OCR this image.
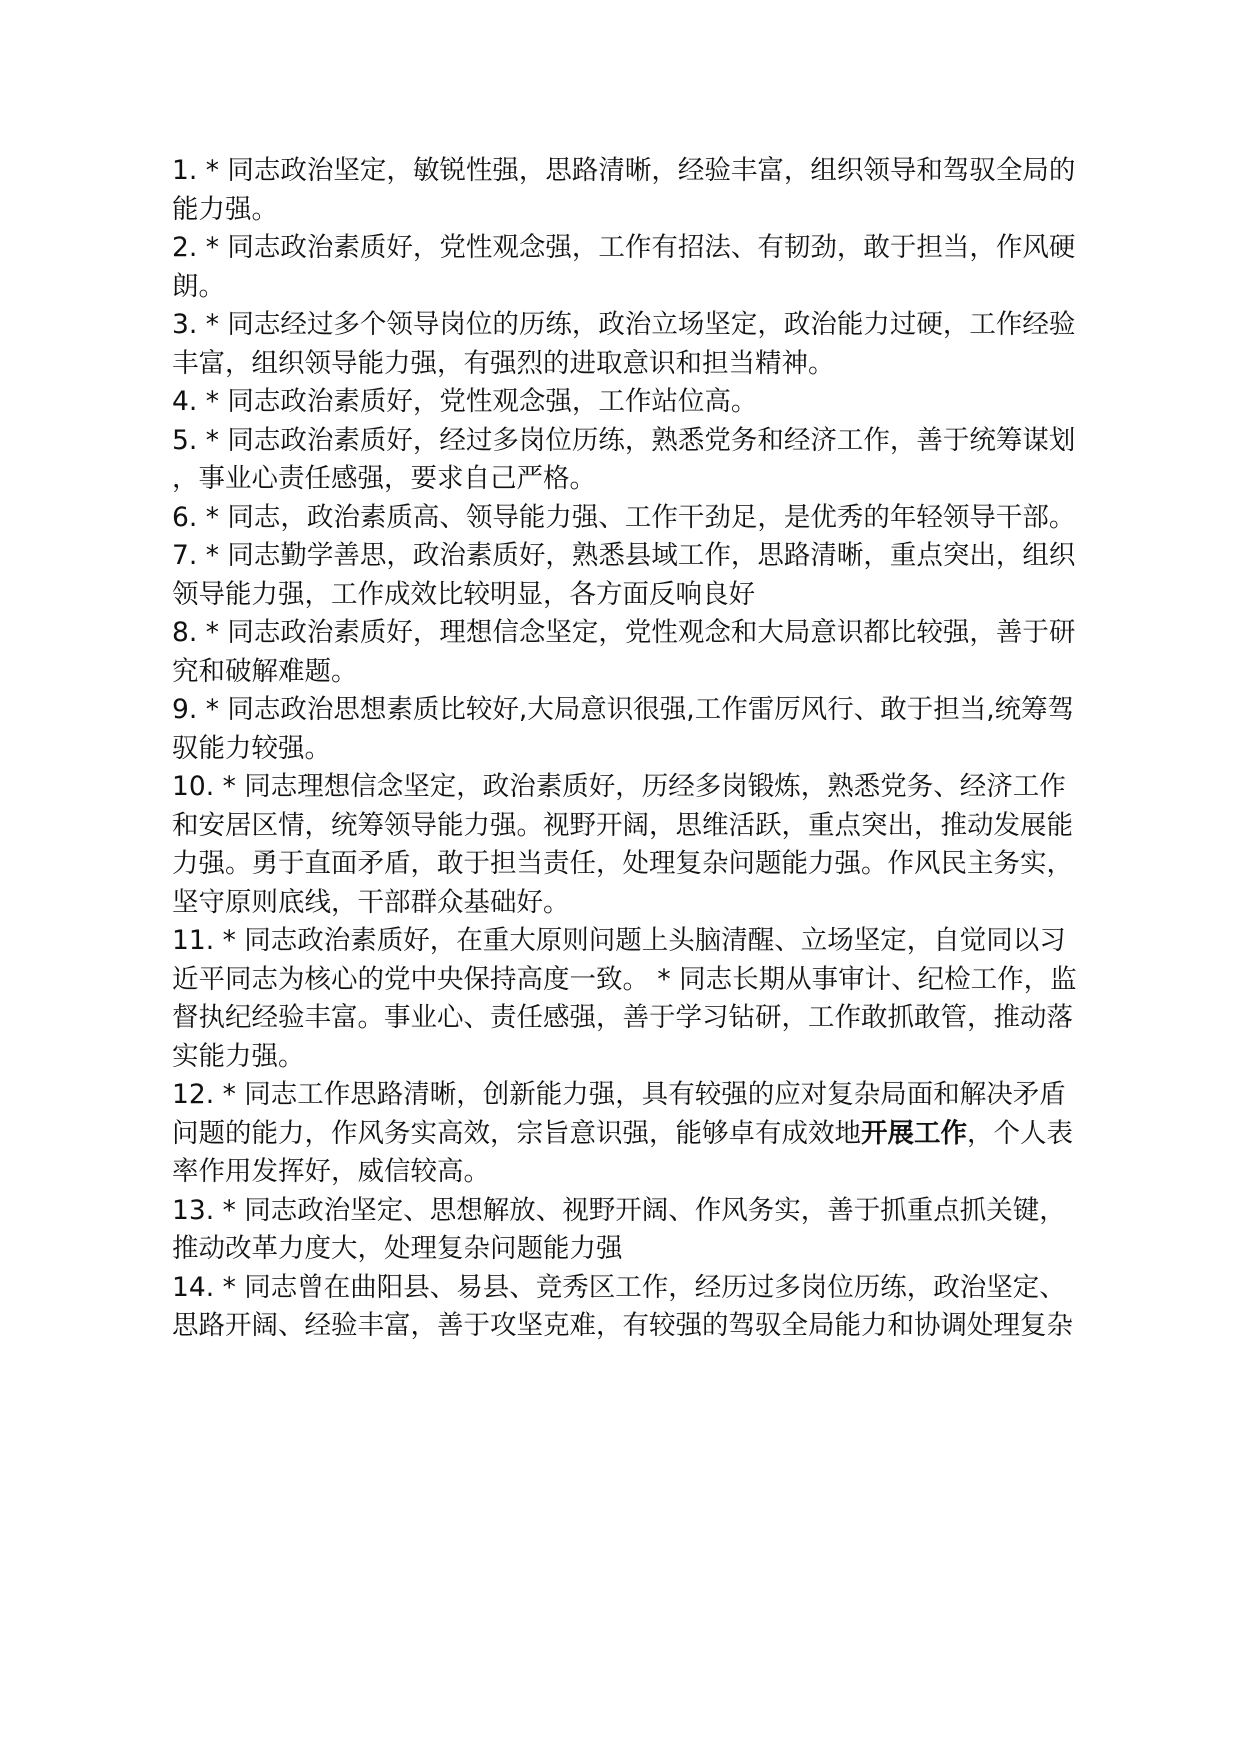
1. * 同志政治坚定，敏锐性强，思路清晰，经验丰富，组织领导和驾驭全局的能力强。

2. * 同志政治素质好，党性观念强，工作有招法、有韧劲，敢于担当，作风硬朗。

3. * 同志经过多个领导岗位的历练，政治立场坚定，政治能力过硬，工作经验丰富，组织领导能力强，有强烈的进取意识和担当精神。

4. * 同志政治素质好，党性观念强，工作站位高。

5. * 同志政治素质好，经过多岗位历练，熟悉党务和经济工作，善于统筹谋划 ，事业心责任感强，要求自己严格。

6. * 同志，政治素质高、领导能力强、工作干劲足，是优秀的年轻领导干部。

7. * 同志勤学善思，政治素质好，熟悉县域工作，思路清晰，重点突出，组织领导能力强，工作成效比较明显，各方面反响良好

8. * 同志政治素质好，理想信念坚定，党性观念和大局意识都比较强，善于研究和破解难题。

9. * 同志政治思想素质比较好,大局意识很强,工作雷厉风行、敢于担当,统筹驾驭能力较强。

10. * 同志理想信念坚定，政治素质好，历经多岗锻炼，熟悉党务、经济工作和安居区情，统筹领导能力强。视野开阔，思维活跃，重点突出，推动发展能力强。勇于直面矛盾，敢于担当责任，处理复杂问题能力强。作风民主务实， 坚守原则底线，干部群众基础好。

11. * 同志政治素质好，在重大原则问题上头脑清醒、立场坚定，自觉同以习近平同志为核心的党中央保持高度一致。 * 同志长期从事审计、纪检工作，监督执纪经验丰富。事业心、责任感强，善于学习钻研，工作敢抓敢管，推动落实能力强。

12. * 同志工作思路清晰，创新能力强，具有较强的应对复杂局面和解决矛盾问题的能力，作风务实高效，宗旨意识强，能够卓有成效地开展工作，个人表率作用发挥好，威信较高。

13. * 同志政治坚定、思想解放、视野开阔、作风务实，善于抓重点抓关键， 推动改革力度大，处理复杂问题能力强

14. * 同志曾在曲阳县、易县、竞秀区工作，经历过多岗位历练，政治坚定、思路开阔、经验丰富，善于攻坚克难，有较强的驾驭全局能力和协调处理复杂
